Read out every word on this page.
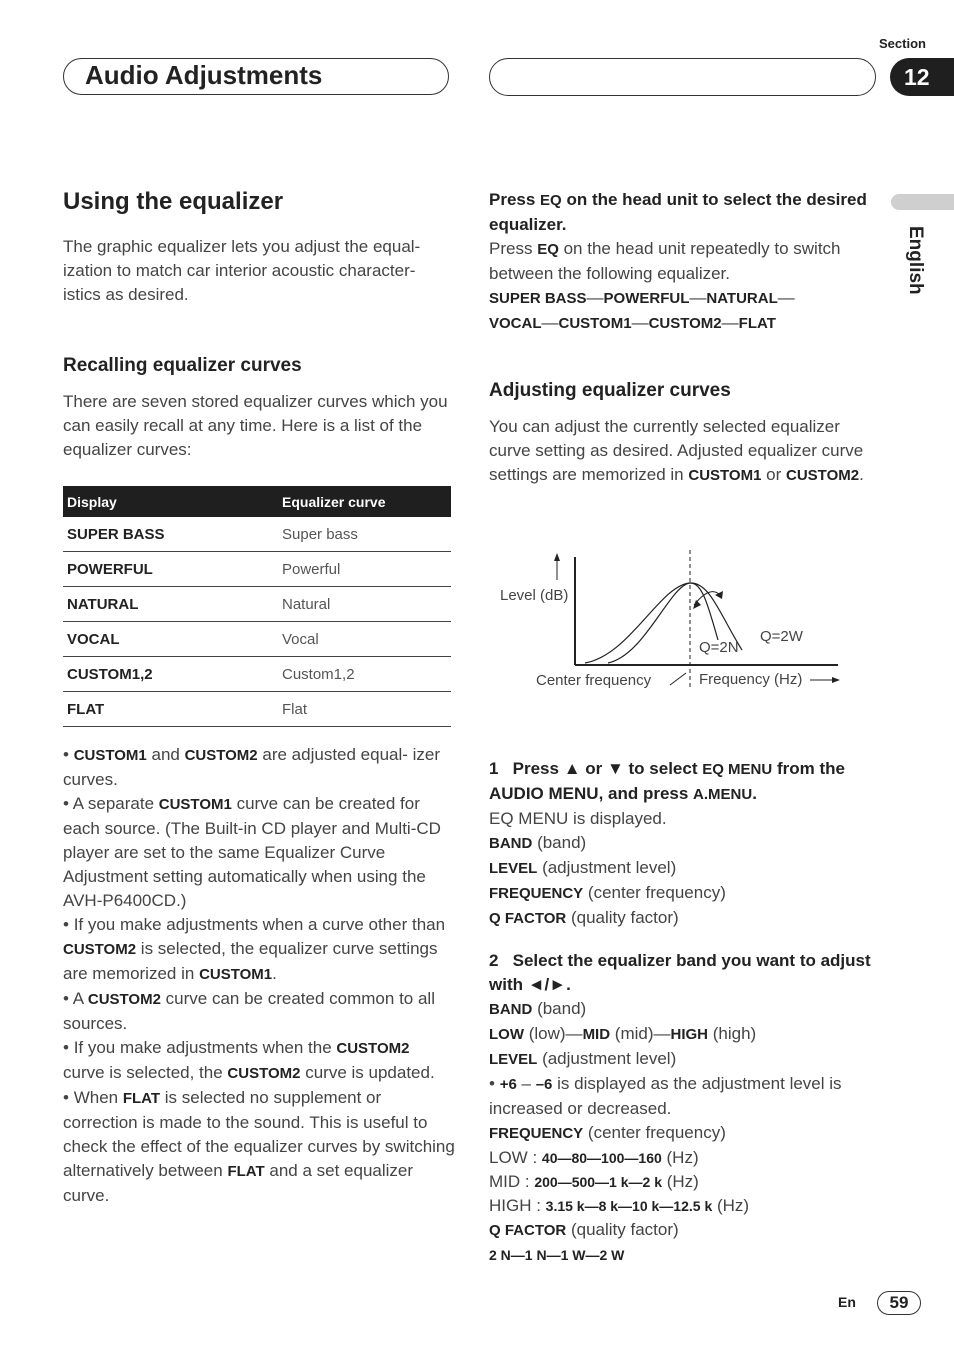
Section
Audio Adjustments	12
English
Using the equalizer

The graphic equalizer lets you adjust the equal- ization to match car interior acoustic character- istics as desired.

Recalling equalizer curves

There are seven stored equalizer curves which you can easily recall at any time. Here is a list of the equalizer curves:

Display	Equalizer curve
SUPER BASS	Super bass
POWERFUL	Powerful
NATURAL	Natural
VOCAL	Vocal
CUSTOM1,2	Custom1,2
FLAT	Flat

• CUSTOM1 and CUSTOM2 are adjusted equal- izer curves.

• A separate CUSTOM1 curve can be created for each source. (The Built-in CD player and Multi-CD player are set to the same Equalizer Curve Adjustment setting automatically when using the AVH-P6400CD.)

• If you make adjustments when a curve other than CUSTOM2 is selected, the equalizer curve settings are memorized in CUSTOM1.

• A CUSTOM2 curve can be created common to all sources.

• If you make adjustments when the CUSTOM2 curve is selected, the CUSTOM2 curve is updated.

• When FLAT is selected no supplement or correction is made to the sound. This is useful to check the effect of the equalizer curves by switching alternatively between FLAT and a set equalizer curve.

Press EQ on the head unit to select the desired equalizer.

Press EQ on the head unit repeatedly to switch between the following equalizer.

SUPER BASS—POWERFUL—NATURAL—
VOCAL—CUSTOM1—CUSTOM2—FLAT

Adjusting equalizer curves

You can adjust the currently selected equalizer curve setting as desired. Adjusted equalizer curve settings are memorized in CUSTOM1 or CUSTOM2.

Level (dB)
Center frequency	Frequency (Hz)
Q=2N
Q=2W

1 Press ▲ or ▼ to select EQ MENU from the AUDIO MENU, and press A.MENU.

EQ MENU is displayed.

BAND (band)

LEVEL (adjustment level)

FREQUENCY (center frequency)

Q FACTOR (quality factor)

2 Select the equalizer band you want to adjust with ◄/►.

BAND (band)

LOW (low)—MID (mid)—HIGH (high)

LEVEL (adjustment level)

• +6 – –6 is displayed as the adjustment level is increased or decreased.

FREQUENCY (center frequency)

LOW : 40—80—100—160 (Hz)

MID : 200—500—1 k—2 k (Hz)

HIGH : 3.15 k—8 k—10 k—12.5 k (Hz)

Q FACTOR (quality factor)

2 N—1 N—1 W—2 W

En	59
